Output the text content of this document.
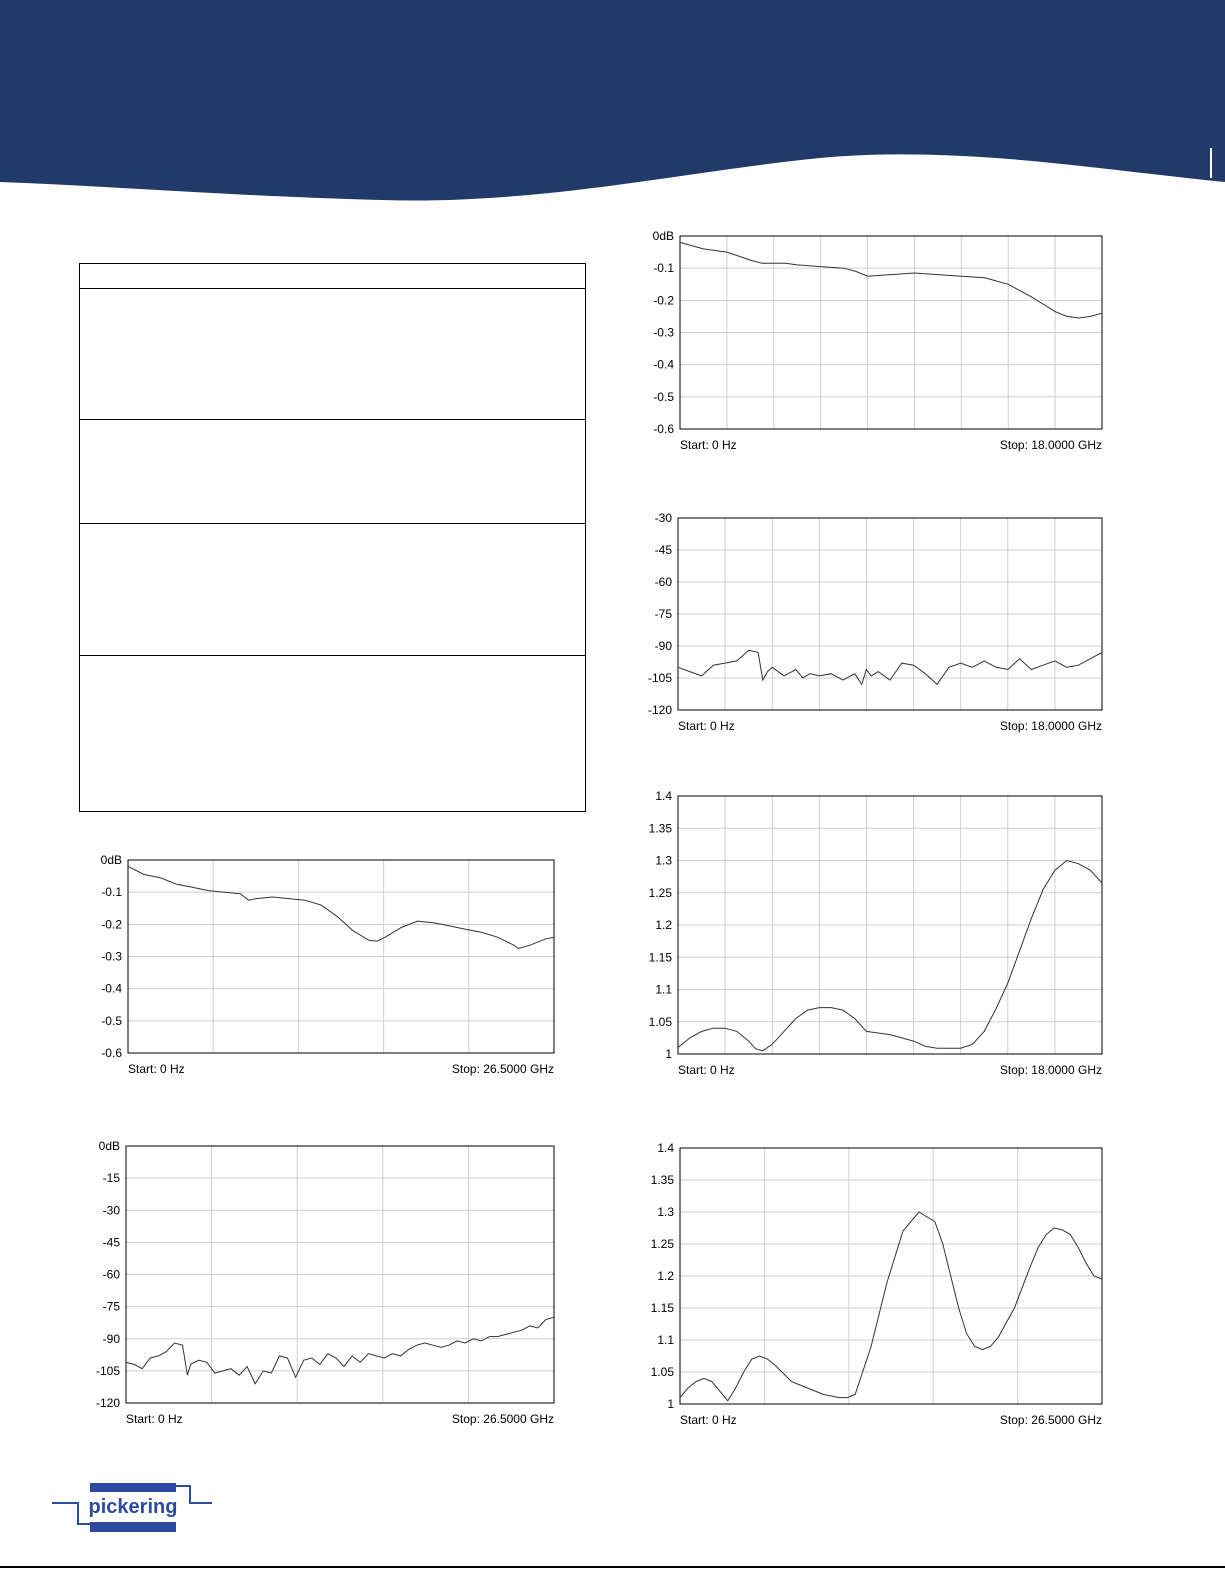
0dB
-0.1
-0.2
-0.3
-0.4
-0.5
-0.6
Start: 0 Hz	Stop: 18.0000 GHz
-30
-45
-60
-75
-90
-105
-120
Start: 0 Hz	Stop: 18.0000 GHz
0dB
-0.1
-0.2
-0.3
-0.4
-0.5
-0.6
Start: 0 Hz	Stop: 26.5000 GHz
1.4
1.35
1.3
1.25
1.2
1.15
1.1
1.05
1
Start: 0 Hz	Stop: 18.0000 GHz
0dB
-15
-30
-45
-60
-75
-90
-105
-120
Start: 0 Hz	Stop: 26.5000 GHz
1.4
1.35
1.3
1.25
1.2
1.15
1.1
1.05
1
Start: 0 Hz	Stop: 26.5000 GHz
pickering
